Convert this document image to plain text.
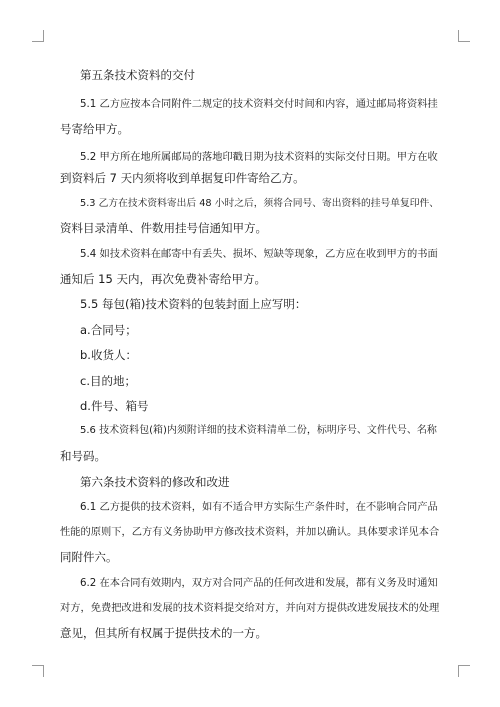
第五条技术资料的交付
5.1 乙方应按本合同附件二规定的技术资料交付时间和内容，通过邮局将资料挂
号寄给甲方。
5.2 甲方所在地所属邮局的落地印戳日期为技术资料的实际交付日期。甲方在收
到资料后 7 天内须将收到单据复印件寄给乙方。
5.3 乙方在技术资料寄出后 48 小时之后，须将合同号、寄出资料的挂号单复印件、
资料目录清单、件数用挂号信通知甲方。
5.4 如技术资料在邮寄中有丢失、损坏、短缺等现象，乙方应在收到甲方的书面
通知后 15 天内，再次免费补寄给甲方。
5.5 每包(箱)技术资料的包装封面上应写明：
a.合同号；
b.收货人：
c.目的地；
d.件号、箱号
5.6 技术资料包(箱)内须附详细的技术资料清单二份，标明序号、文件代号、名称
和号码。
第六条技术资料的修改和改进
6.1 乙方提供的技术资料，如有不适合甲方实际生产条件时，在不影响合同产品
性能的原则下，乙方有义务协助甲方修改技术资料，并加以确认。具体要求详见本合
同附件六。
6.2 在本合同有效期内，双方对合同产品的任何改进和发展，都有义务及时通知
对方，免费把改进和发展的技术资料提交给对方，并向对方提供改进发展技术的处理
意见，但其所有权属于提供技术的一方。
